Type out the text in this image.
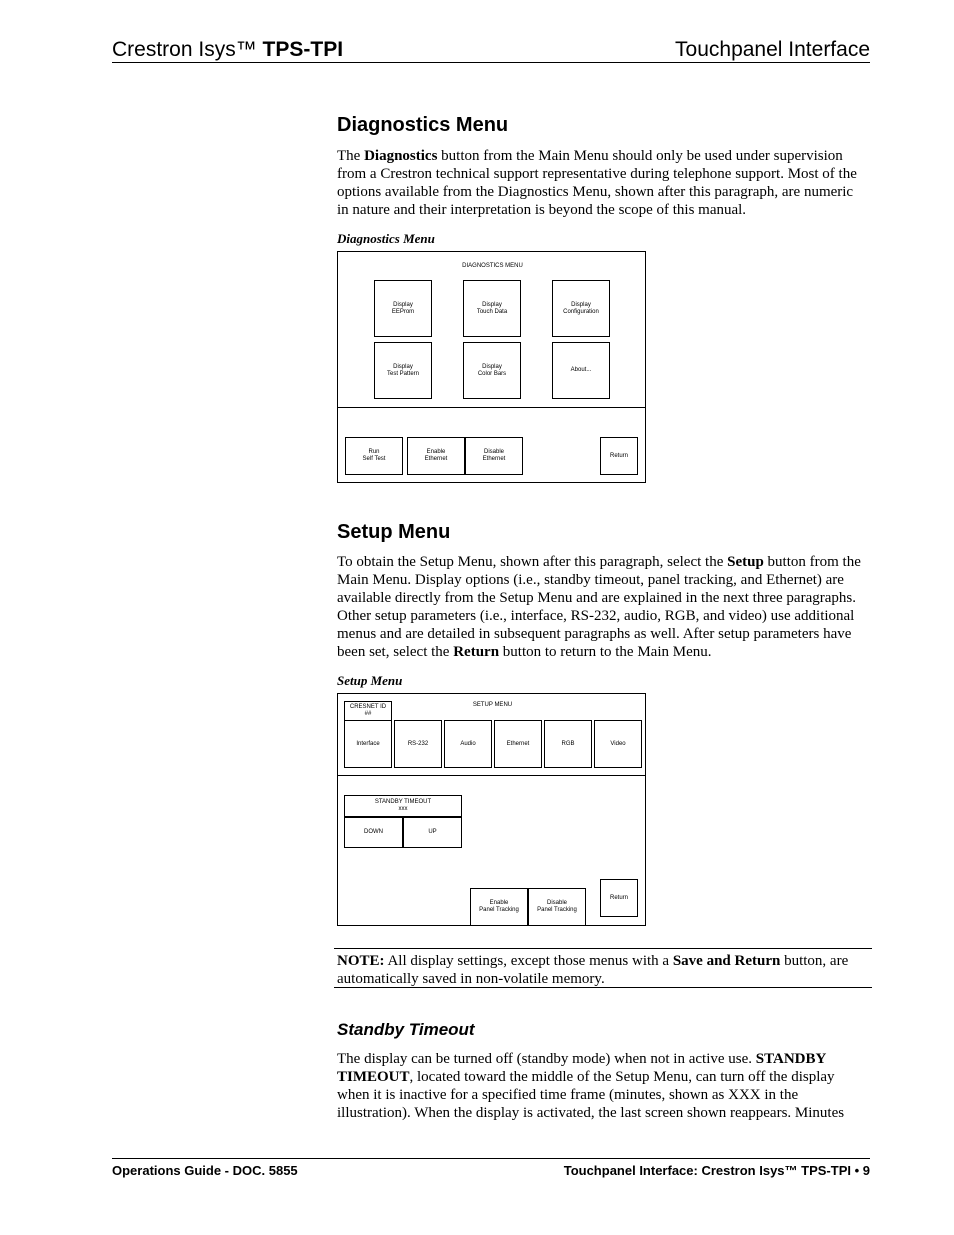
Crestron Isys™ TPS-TPI	Touchpanel Interface
Diagnostics Menu

The Diagnostics button from the Main Menu should only be used under supervision from a Crestron technical support representative during telephone support. Most of the options available from the Diagnostics Menu, shown after this paragraph, are numeric in nature and their interpretation is beyond the scope of this manual.

Diagnostics Menu
DIAGNOSTICS MENU
Display
EEProm
Display
Touch Data
Display
Configuration
Display
Test Pattern
Display
Color Bars
About...
Run
Self Test
Enable
Ethernet
Disable
Ethernet
Return
Setup Menu

To obtain the Setup Menu, shown after this paragraph, select the Setup button from the Main Menu. Display options (i.e., standby timeout, panel tracking, and Ethernet) are available directly from the Setup Menu and are explained in the next three paragraphs. Other setup parameters (i.e., interface, RS-232, audio, RGB, and video) use additional menus and are detailed in subsequent paragraphs as well. After setup parameters have been set, select the Return button to return to the Main Menu.

Setup Menu
SETUP MENU
CRESNET ID
##
Interface	RS-232	Audio	Ethernet	RGB	Video
STANDBY TIMEOUT
xxx
DOWN	UP
Enable
Panel Tracking
Disable
Panel Tracking
Return

NOTE: All display settings, except those menus with a Save and Return button, are automatically saved in non-volatile memory.

Standby Timeout

The display can be turned off (standby mode) when not in active use. STANDBY TIMEOUT, located toward the middle of the Setup Menu, can turn off the display when it is inactive for a specified time frame (minutes, shown as XXX in the illustration). When the display is activated, the last screen shown reappears. Minutes

Operations Guide - DOC. 5855	Touchpanel Interface: Crestron Isys™ TPS-TPI • 9
